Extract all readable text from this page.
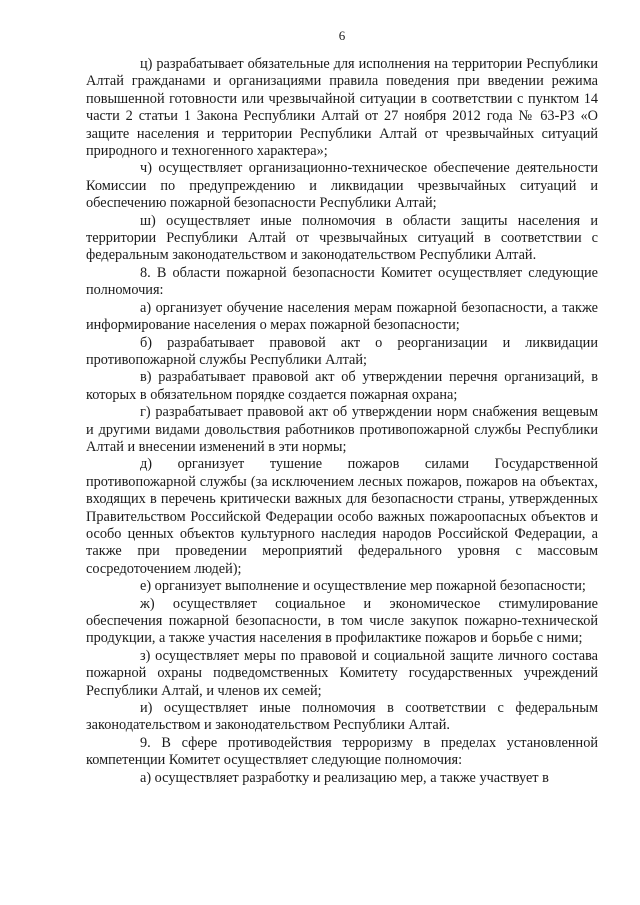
6

ц) разрабатывает обязательные для исполнения на территории Республики Алтай гражданами и организациями правила поведения при введении режима повышенной готовности или чрезвычайной ситуации в соответствии с пунктом 14 части 2 статьи 1 Закона Республики Алтай от 27 ноября 2012 года № 63-РЗ «О защите населения и территории Республики Алтай от чрезвычайных ситуаций природного и техногенного характера»;

ч) осуществляет организационно-техническое обеспечение деятельности Комиссии по предупреждению и ликвидации чрезвычайных ситуаций и обеспечению пожарной безопасности Республики Алтай;

ш) осуществляет иные полномочия в области защиты населения и территории Республики Алтай от чрезвычайных ситуаций в соответствии с федеральным законодательством и законодательством Республики Алтай.

8. В области пожарной безопасности Комитет осуществляет следующие полномочия:

а) организует обучение населения мерам пожарной безопасности, а также информирование населения о мерах пожарной безопасности;

б) разрабатывает правовой акт о реорганизации и ликвидации противопожарной службы Республики Алтай;

в) разрабатывает правовой акт об утверждении перечня организаций, в которых в обязательном порядке создается пожарная охрана;

г) разрабатывает правовой акт об утверждении норм снабжения вещевым и другими видами довольствия работников противопожарной службы Республики Алтай и внесении изменений в эти нормы;

д) организует тушение пожаров силами Государственной противопожарной службы (за исключением лесных пожаров, пожаров на объектах, входящих в перечень критически важных для безопасности страны, утвержденных Правительством Российской Федерации особо важных пожароопасных объектов и особо ценных объектов культурного наследия народов Российской Федерации, а также при проведении мероприятий федерального уровня с массовым сосредоточением людей);

е) организует выполнение и осуществление мер пожарной безопасности;

ж) осуществляет социальное и экономическое стимулирование обеспечения пожарной безопасности, в том числе закупок пожарно-технической продукции, а также участия населения в профилактике пожаров и борьбе с ними;

з) осуществляет меры по правовой и социальной защите личного состава пожарной охраны подведомственных Комитету государственных учреждений Республики Алтай, и членов их семей;

и) осуществляет иные полномочия в соответствии с федеральным законодательством и законодательством Республики Алтай.

9. В сфере противодействия терроризму в пределах установленной компетенции Комитет осуществляет следующие полномочия:

а) осуществляет разработку и реализацию мер, а также участвует в
